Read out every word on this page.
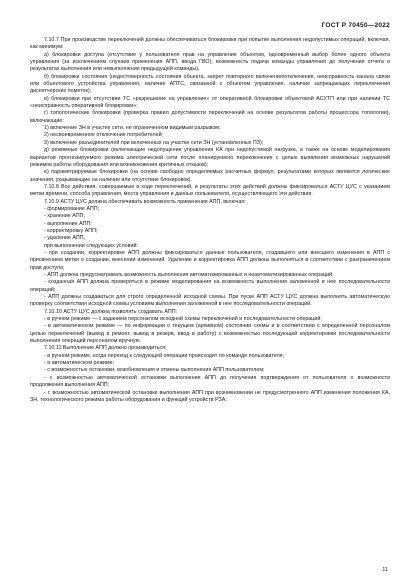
ГОСТ Р 70450—2022

7.10.7 При производстве переключений должны обеспечиваться блокировки при попытке выполнения недопустимых операций, включая, как минимум:

а) блокировки доступа (отсутствие у пользователя прав на управление объектом, одновременный выбор более одного объекта управления (за исключением случаев применения АПП, ввода ГВО), возможность подачи команды управления до получения отчета о результатах выполнения или невыполнения предыдущей команды),

б) блокировки состояния (недостоверность состояния объекта, запрет повторного включения/отключения, неисправность канала связи или объектового устройства управления, наличие АПТС, связанной с объектом управления, наличие запрещающих переключения диспетчерских пометок);

в) блокировки при отсутствии ТС «разрешение на управление» от оперативной блокировки объектовой АСУТП или при наличии ТС «неисправность оперативной блокировки»;

г) топологические блокировки (проверка правил допустимости переключений на основе результатов работы процессора топологии), включающие:

1) включение ЗН в участке сети, не ограниченном видимым разрывом;

2) несвоевременное отключение потребителей;

3) включение разъединителей при включенных на участке сети ЗН (установленных ПЗ);

д) режимные блокировки (включающие недопущение управления КА при недопустимой нагрузке, а также на основе моделирования вариантов прогнозируемого режима электрической сети после планируемого переключения с целью выявления возможных нарушений режимов работы оборудования или возникновения критичных отказов);

е) параметрируемые блокировки (на основе свободно определяемых расчетных формул, результатами которых являются логические значения, указывающие на наличие или отсутствие блокировок).

7.10.8 Все действия, совершаемые в ходе переключений, и результаты этих действий должны фиксироваться АСТУ ЦУС с указанием метки времени, способа управления, места управления и данных пользователя, осуществляющего эти действия.

7.10.9 АСТУ ЦУС должна обеспечивать возможность применения АПП, включая:

- формирование АПП;

- хранение АПП;

- выполнение АПП;

- корректировку АПП;

- удаление АПП,

при выполнении следующих условий:

- при создании, корректировке АПП должны фиксироваться данные пользователя, создавшего или внесшего изменения в АПП с присвоением метки о создании, внесении изменений. Удаление и корректировка АПП должны выполняться в соответствии с разграничением прав доступа;

- АПП должна предусматривать возможность выполнения автоматизированных и неавтоматизированных операций;

- созданная АПП должна проверяться в режиме моделирования на возможность выполнения заложенной в нее последовательности операций;

- АПП должны создаваться для строго определенной исходной схемы. При пуске АПП АСТУ ЦУС должна выполнять автоматическую проверку соответствия исходной схемы условиям выполнения заложенной в нее последовательности операций.

7.10.10 АСТУ ЦУС должна позволять создавать АПП:

- в ручном режиме — с заданием персоналом исходной схемы переключений и последовательности операций;

- в автоматическом режиме — по информации о текущем (архивном) состоянии схемы и в соответствии с определенной персоналом целью переключений (вывод в ремонт, вывод в резерв, ввод в работу) с возможностью последующей корректировки последовательности выполнения операций персоналом вручную.

7.10.11 Выполнение АПП должно производиться:

- в ручном режиме, когда переход к следующей операции происходит по команде пользователя;

- в автоматическом режиме;

- с возможностью остановки, возобновления и отмены выполнения АПП пользователем;

- с возможностью автоматической остановки выполнения АПП до получения подтверждения от пользователя о возможности продолжения выполнения АПП;

- с возможностью автоматической остановки выполнения АПП при возникновении не предусмотренного АПП изменения положения КА, ЗН, технологического режима работы оборудования и функций устройств РЗА;

11
